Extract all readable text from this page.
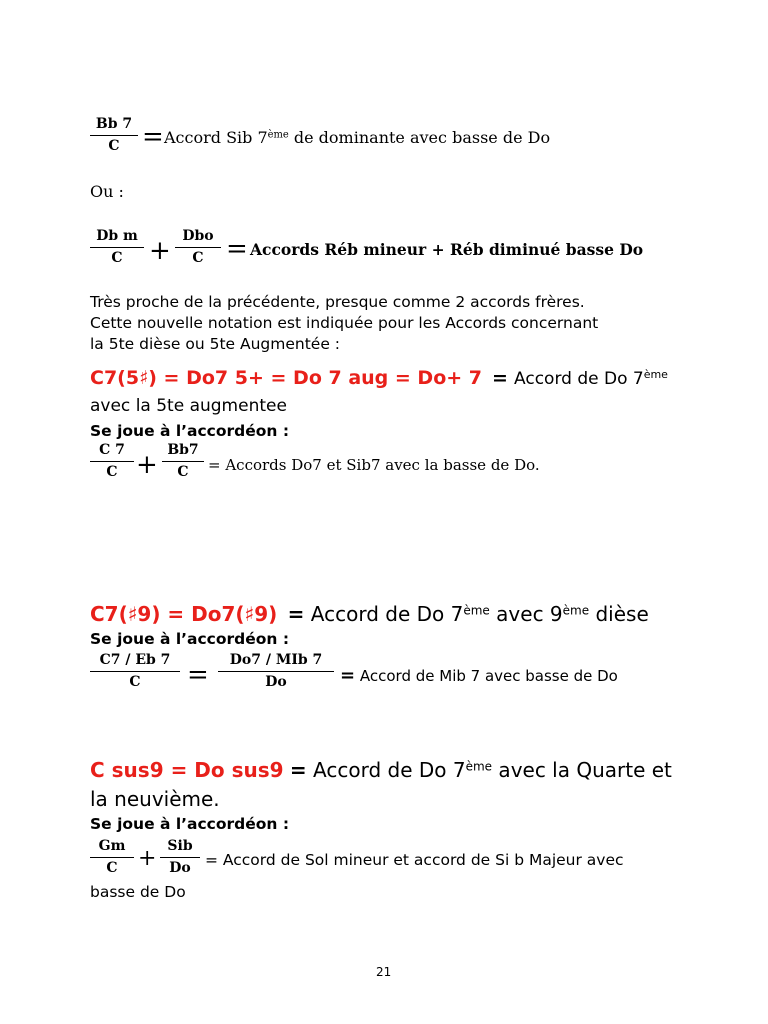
Bb 7
C = Accord Sib 7ème de dominante avec basse de Do
Ou :
Db m
C	+ Dbo
C = Accords Réb mineur + Réb diminué basse Do
Très proche de la précédente, presque comme 2 accords frères.
Cette nouvelle notation est indiquée pour les Accords concernant
la 5te dièse ou 5te Augmentée :
C7(5♯) = Do7 5+ = Do 7 aug = Do+ 7 = Accord de Do 7ème
avec la 5te augmentee
Se joue à l’accordéon :
C 7
C + Bb7
C	= Accords Do7 et Sib7 avec la basse de Do.
C7(♯9) = Do7(♯9) = Accord de Do 7ème avec 9ème dièse
Se joue à l’accordéon :
C7 / Eb 7
C	=	Do7 / MIb 7
Do	= Accord de Mib 7 avec basse de Do
C sus9 = Do sus9 = Accord de Do 7ème avec la Quarte et
la neuvième.
Se joue à l’accordéon :
Gm
C + Sib
Do = Accord de Sol mineur et accord de Si b Majeur avec
basse de Do
21
